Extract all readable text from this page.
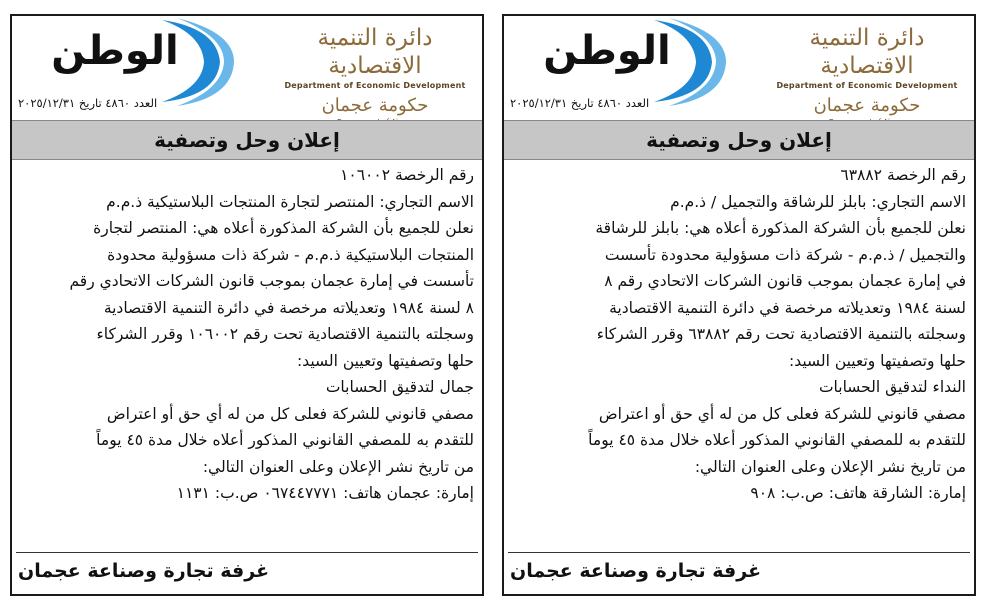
دائرة التنمية الاقتصادية
Department of Economic Development
حكومة عجمان
الوطن
العدد ٤٨٦٠ تاريخ ٢٠٢٥/١٢/٣١
إعلان وحل وتصفية

رقم الرخصة ٦٣٨٨٢

الاسم التجاري: بابلز للرشاقة والتجميل / ذ.م.م

نعلن للجميع بأن الشركة المذكورة أعلاه هي: بابلز للرشاقة

والتجميل / ذ.م.م - شركة ذات مسؤولية محدودة تأسست

في إمارة عجمان بموجب قانون الشركات الاتحادي رقم ٨

لسنة ١٩٨٤ وتعديلاته مرخصة في دائرة التنمية الاقتصادية

وسجلته بالتنمية الاقتصادية تحت رقم ٦٣٨٨٢ وقرر الشركاء

حلها وتصفيتها وتعيين السيد:

النداء لتدقيق الحسابات

مصفي قانوني للشركة فعلى كل من له أي حق أو اعتراض

للتقدم به للمصفي القانوني المذكور أعلاه خلال مدة ٤٥ يوماً

من تاريخ نشر الإعلان وعلى العنوان التالي:

إمارة: الشارقة هاتف: ص.ب: ٩٠٨

غرفة تجارة وصناعة عجمان
دائرة التنمية الاقتصادية
Department of Economic Development
حكومة عجمان
الوطن
العدد ٤٨٦٠ تاريخ ٢٠٢٥/١٢/٣١
إعلان وحل وتصفية

رقم الرخصة ١٠٦٠٠٢

الاسم التجاري: المنتصر لتجارة المنتجات البلاستيكية ذ.م.م

نعلن للجميع بأن الشركة المذكورة أعلاه هي: المنتصر لتجارة

المنتجات البلاستيكية ذ.م.م - شركة ذات مسؤولية محدودة

تأسست في إمارة عجمان بموجب قانون الشركات الاتحادي رقم

٨ لسنة ١٩٨٤ وتعديلاته مرخصة في دائرة التنمية الاقتصادية

وسجلته بالتنمية الاقتصادية تحت رقم ١٠٦٠٠٢ وقرر الشركاء

حلها وتصفيتها وتعيين السيد:

جمال لتدقيق الحسابات

مصفي قانوني للشركة فعلى كل من له أي حق أو اعتراض

للتقدم به للمصفي القانوني المذكور أعلاه خلال مدة ٤٥ يوماً

من تاريخ نشر الإعلان وعلى العنوان التالي:

إمارة: عجمان هاتف: ٠٦٧٤٤٧٧٧١ ص.ب: ١١٣١

غرفة تجارة وصناعة عجمان
